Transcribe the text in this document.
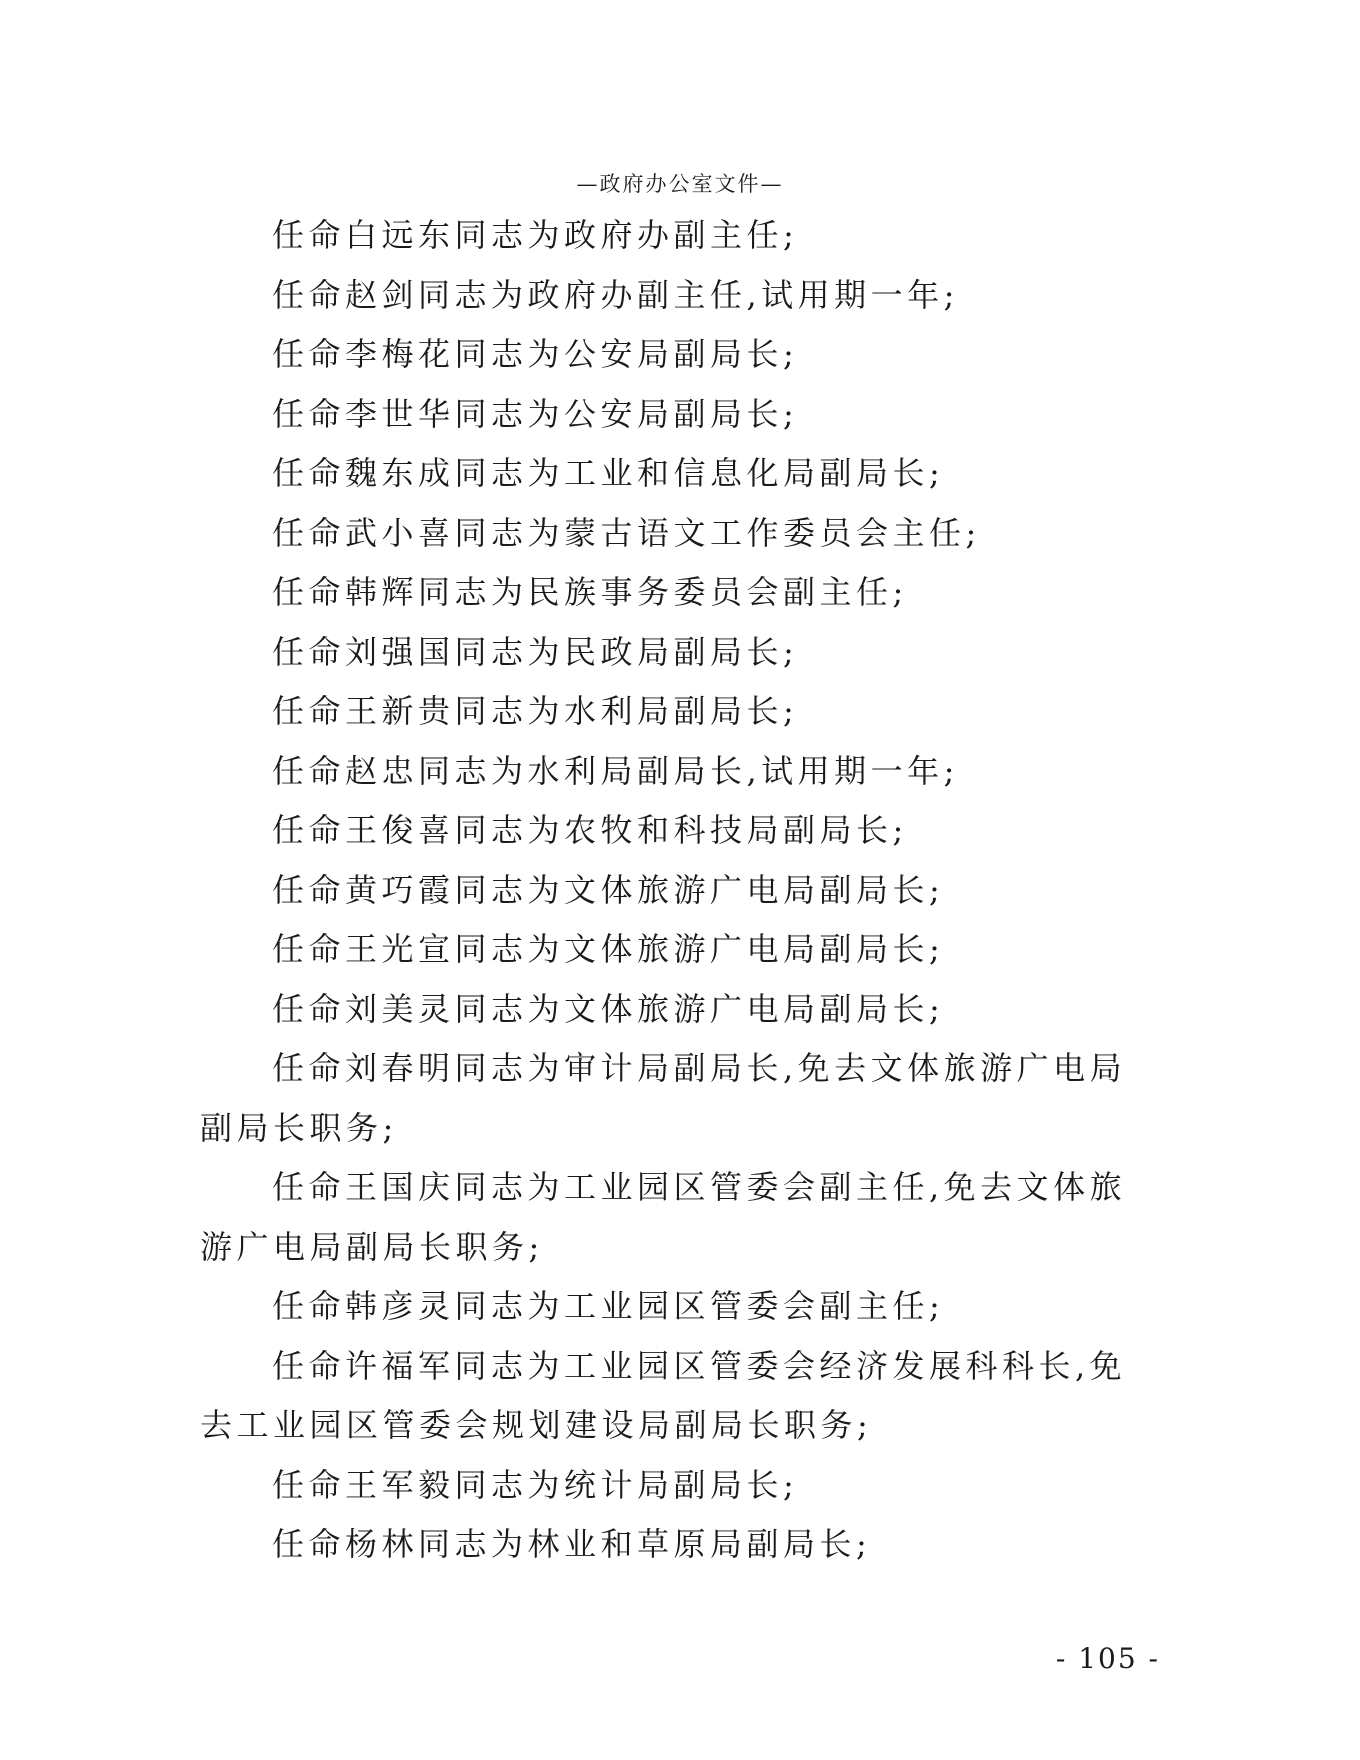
—政府办公室文件—

任命白远东同志为政府办副主任;

任命赵剑同志为政府办副主任,试用期一年;

任命李梅花同志为公安局副局长;

任命李世华同志为公安局副局长;

任命魏东成同志为工业和信息化局副局长;

任命武小喜同志为蒙古语文工作委员会主任;

任命韩辉同志为民族事务委员会副主任;

任命刘强国同志为民政局副局长;

任命王新贵同志为水利局副局长;

任命赵忠同志为水利局副局长,试用期一年;

任命王俊喜同志为农牧和科技局副局长;

任命黄巧霞同志为文体旅游广电局副局长;

任命王光宣同志为文体旅游广电局副局长;

任命刘美灵同志为文体旅游广电局副局长;

任命刘春明同志为审计局副局长,免去文体旅游广电局副局长职务;

任命王国庆同志为工业园区管委会副主任,免去文体旅游广电局副局长职务;

任命韩彦灵同志为工业园区管委会副主任;

任命许福军同志为工业园区管委会经济发展科科长,免去工业园区管委会规划建设局副局长职务;

任命王军毅同志为统计局副局长;

任命杨林同志为林业和草原局副局长;

- 105 -
